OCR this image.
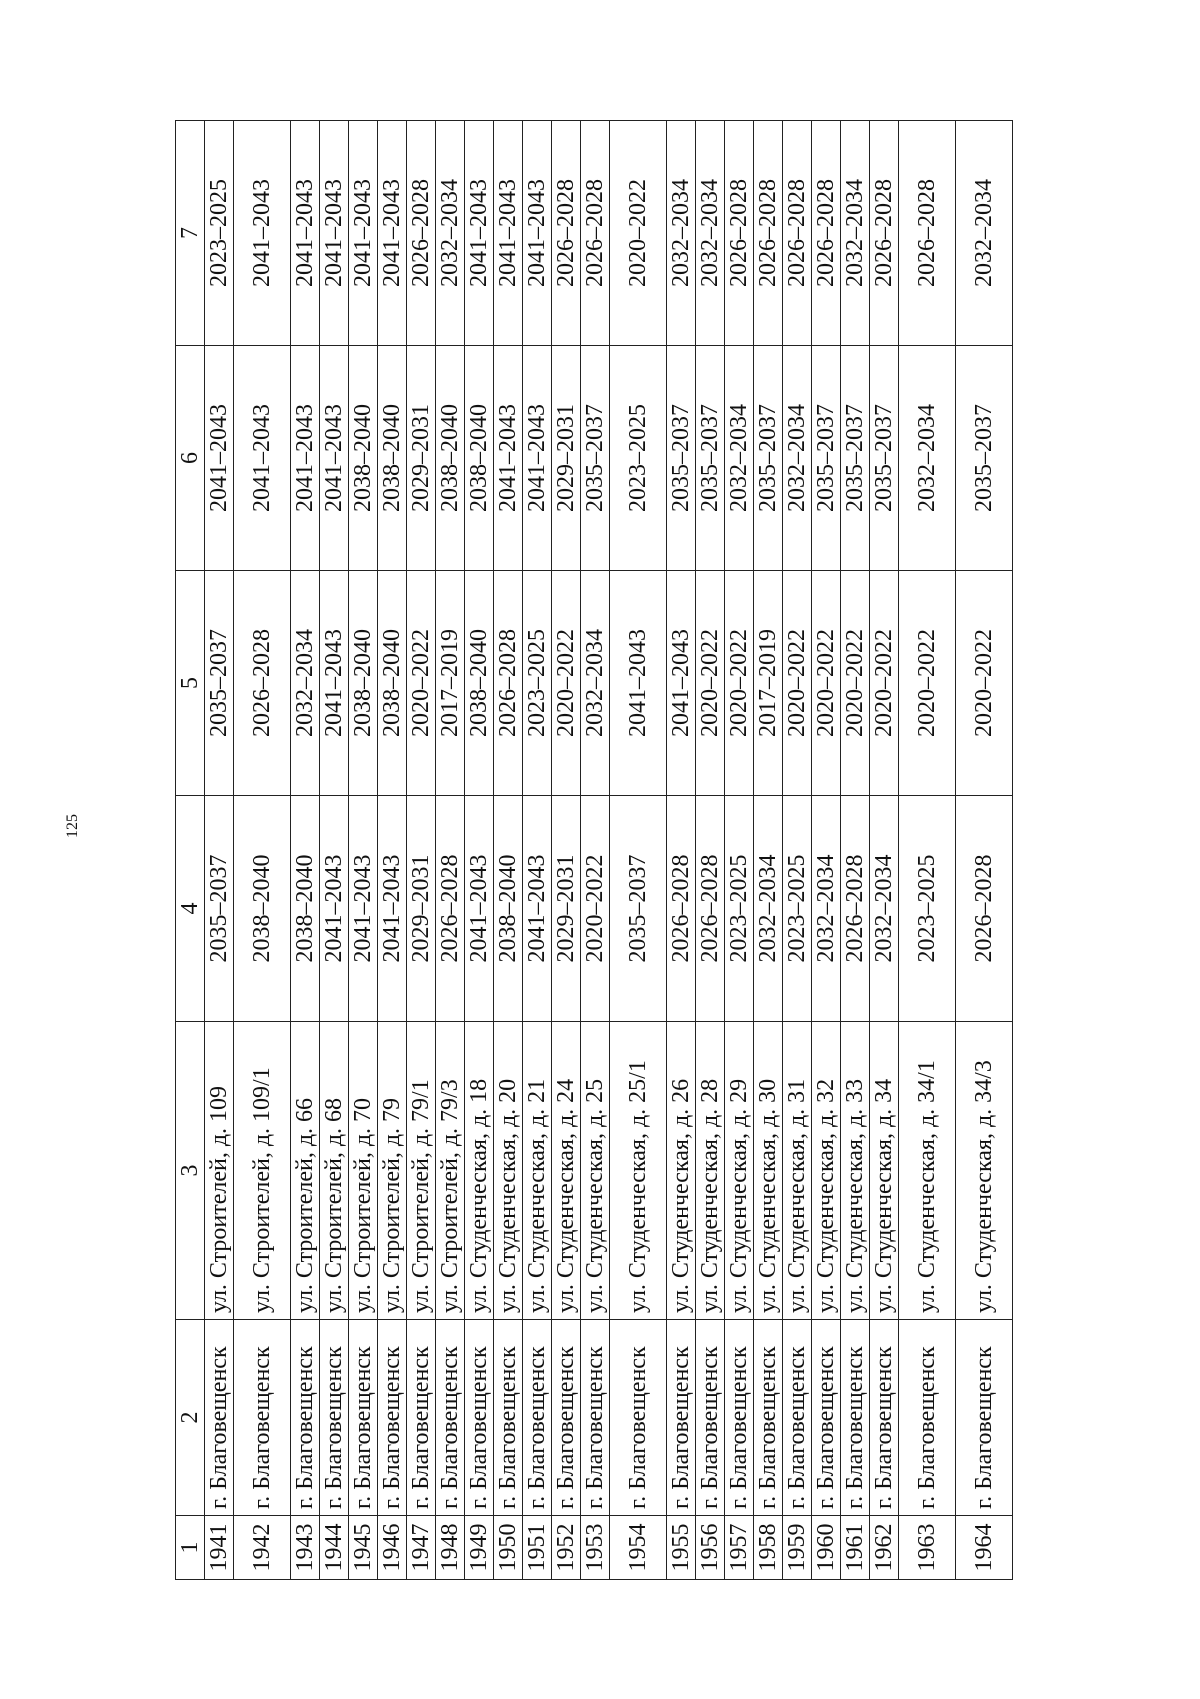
125
1	2	3	4	5	6	7
1941	г. Благовещенск	ул. Строителей, д. 109	2035–2037	2035–2037	2041–2043	2023–2025
1942	г. Благовещенск	ул. Строителей, д. 109/1	2038–2040	2026–2028	2041–2043	2041–2043
1943	г. Благовещенск	ул. Строителей, д. 66	2038–2040	2032–2034	2041–2043	2041–2043
1944	г. Благовещенск	ул. Строителей, д. 68	2041–2043	2041–2043	2041–2043	2041–2043
1945	г. Благовещенск	ул. Строителей, д. 70	2041–2043	2038–2040	2038–2040	2041–2043
1946	г. Благовещенск	ул. Строителей, д. 79	2041–2043	2038–2040	2038–2040	2041–2043
1947	г. Благовещенск	ул. Строителей, д. 79/1	2029–2031	2020–2022	2029–2031	2026–2028
1948	г. Благовещенск	ул. Строителей, д. 79/3	2026–2028	2017–2019	2038–2040	2032–2034
1949	г. Благовещенск	ул. Студенческая, д. 18	2041–2043	2038–2040	2038–2040	2041–2043
1950	г. Благовещенск	ул. Студенческая, д. 20	2038–2040	2026–2028	2041–2043	2041–2043
1951	г. Благовещенск	ул. Студенческая, д. 21	2041–2043	2023–2025	2041–2043	2041–2043
1952	г. Благовещенск	ул. Студенческая, д. 24	2029–2031	2020–2022	2029–2031	2026–2028
1953	г. Благовещенск	ул. Студенческая, д. 25	2020–2022	2032–2034	2035–2037	2026–2028
1954	г. Благовещенск	ул. Студенческая, д. 25/1	2035–2037	2041–2043	2023–2025	2020–2022
1955	г. Благовещенск	ул. Студенческая, д. 26	2026–2028	2041–2043	2035–2037	2032–2034
1956	г. Благовещенск	ул. Студенческая, д. 28	2026–2028	2020–2022	2035–2037	2032–2034
1957	г. Благовещенск	ул. Студенческая, д. 29	2023–2025	2020–2022	2032–2034	2026–2028
1958	г. Благовещенск	ул. Студенческая, д. 30	2032–2034	2017–2019	2035–2037	2026–2028
1959	г. Благовещенск	ул. Студенческая, д. 31	2023–2025	2020–2022	2032–2034	2026–2028
1960	г. Благовещенск	ул. Студенческая, д. 32	2032–2034	2020–2022	2035–2037	2026–2028
1961	г. Благовещенск	ул. Студенческая, д. 33	2026–2028	2020–2022	2035–2037	2032–2034
1962	г. Благовещенск	ул. Студенческая, д. 34	2032–2034	2020–2022	2035–2037	2026–2028
1963	г. Благовещенск	ул. Студенческая, д. 34/1	2023–2025	2020–2022	2032–2034	2026–2028
1964	г. Благовещенск	ул. Студенческая, д. 34/3	2026–2028	2020–2022	2035–2037	2032–2034
